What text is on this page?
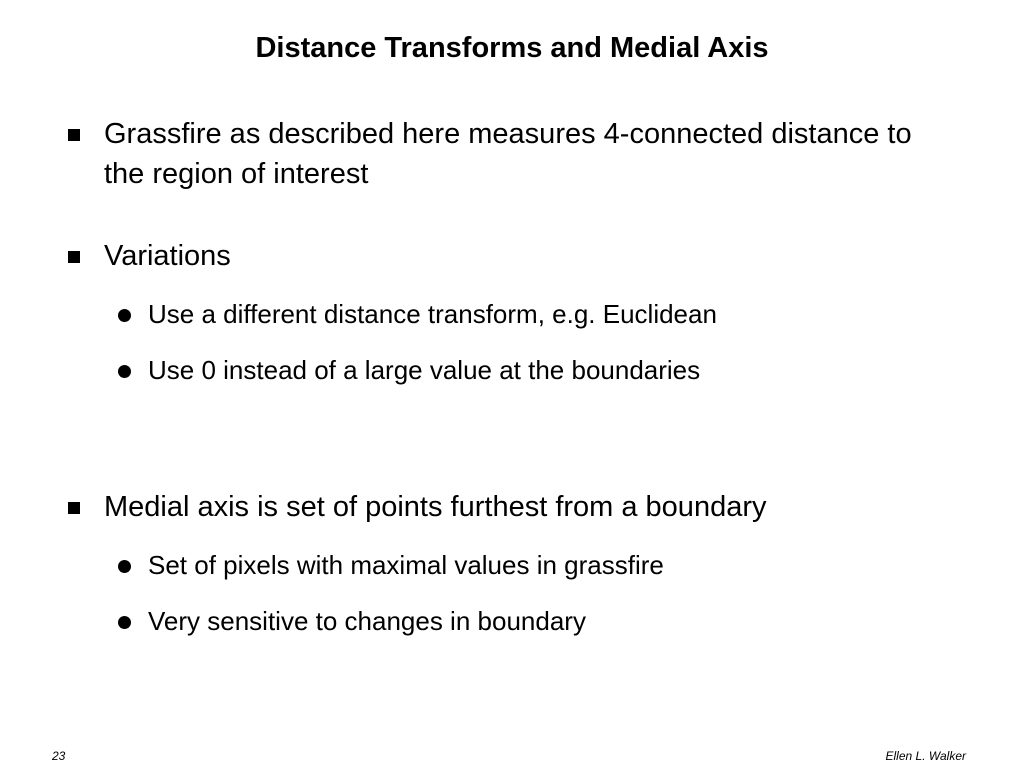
Distance Transforms and Medial Axis
Grassfire as described here measures 4-connected distance to the region of interest
Variations
Use a different distance transform, e.g. Euclidean
Use 0 instead of a large value at the boundaries
Medial axis is set of points furthest from a boundary
Set of pixels with maximal values in grassfire
Very sensitive to changes in boundary
23	Ellen L. Walker
